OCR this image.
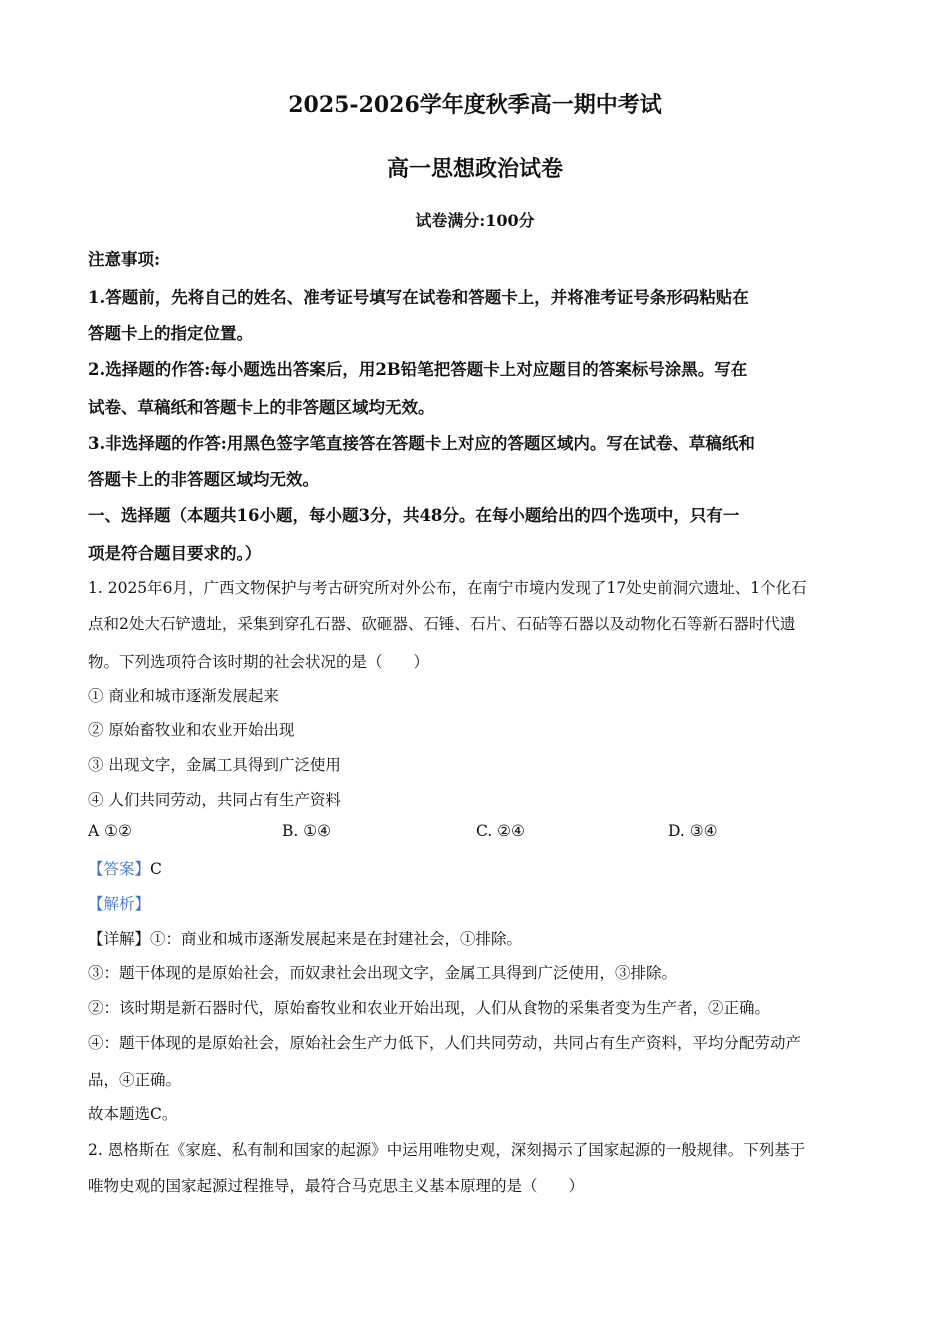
2025-2026学年度秋季高一期中考试
高一思想政治试卷
试卷满分:100分
注意事项:
1.答题前，先将自己的姓名、准考证号填写在试卷和答题卡上，并将准考证号条形码粘贴在
答题卡上的指定位置。
2.选择题的作答:每小题选出答案后，用2B铅笔把答题卡上对应题目的答案标号涂黑。写在
试卷、草稿纸和答题卡上的非答题区域均无效。
3.非选择题的作答:用黑色签字笔直接答在答题卡上对应的答题区域内。写在试卷、草稿纸和
答题卡上的非答题区域均无效。
一、选择题（本题共16小题，每小题3分，共48分。在每小题给出的四个选项中，只有一
项是符合题目要求的。）
1. 2025年6月，广西文物保护与考古研究所对外公布，在南宁市境内发现了17处史前洞穴遗址、1个化石
点和2处大石铲遗址，采集到穿孔石器、砍砸器、石锤、石片、石砧等石器以及动物化石等新石器时代遗
物。下列选项符合该时期的社会状况的是（　　）
① 商业和城市逐渐发展起来
② 原始畜牧业和农业开始出现
③ 出现文字，金属工具得到广泛使用
④ 人们共同劳动，共同占有生产资料
A ①②	B. ①④	C. ②④	D. ③④
【答案】C
【解析】
【详解】①：商业和城市逐渐发展起来是在封建社会，①排除。
③：题干体现的是原始社会，而奴隶社会出现文字，金属工具得到广泛使用，③排除。
②：该时期是新石器时代，原始畜牧业和农业开始出现，人们从食物的采集者变为生产者，②正确。
④：题干体现的是原始社会，原始社会生产力低下，人们共同劳动，共同占有生产资料，平均分配劳动产
品，④正确。
故本题选C。
2. 恩格斯在《家庭、私有制和国家的起源》中运用唯物史观，深刻揭示了国家起源的一般规律。下列基于
唯物史观的国家起源过程推导，最符合马克思主义基本原理的是（　　）
